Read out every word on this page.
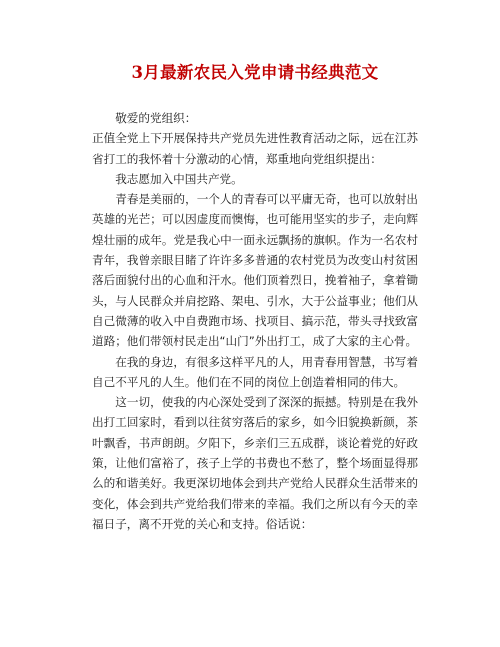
3月最新农民入党申请书经典范文

敬爱的党组织：

正值全党上下开展保持共产党员先进性教育活动之际，远在江苏省打工的我怀着十分激动的心情，郑重地向党组织提出：

我志愿加入中国共产党。

青春是美丽的，一个人的青春可以平庸无奇，也可以放射出英雄的光芒；可以因虚度而懊悔，也可能用坚实的步子，走向辉煌壮丽的成年。党是我心中一面永远飘扬的旗帜。作为一名农村青年，我曾亲眼目睹了许许多多普通的农村党员为改变山村贫困落后面貌付出的心血和汗水。他们顶着烈日，挽着袖子，拿着锄头，与人民群众并肩挖路、架电、引水，大于公益事业；他们从自己微薄的收入中自费跑市场、找项目、搞示范，带头寻找致富道路；他们带领村民走出“山门”外出打工，成了大家的主心骨。

在我的身边，有很多这样平凡的人，用青春用智慧，书写着自己不平凡的人生。他们在不同的岗位上创造着相同的伟大。

这一切，使我的内心深处受到了深深的振撼。特别是在我外出打工回家时，看到以往贫穷落后的家乡，如今旧貌换新颜，茶叶飘香，书声朗朗。夕阳下，乡亲们三五成群，谈论着党的好政策，让他们富裕了，孩子上学的书费也不愁了，整个场面显得那么的和谐美好。我更深切地体会到共产党给人民群众生活带来的变化，体会到共产党给我们带来的幸福。我们之所以有今天的幸福日子，离不开党的关心和支持。俗话说：
